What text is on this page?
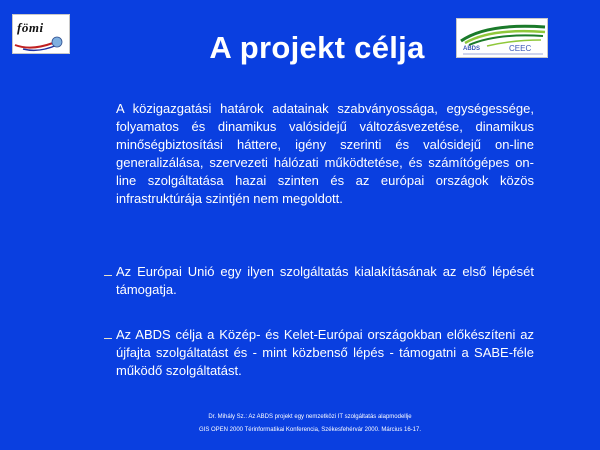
fömi
ABDS	CEEC
A projekt célja
A közigazgatási határok adatainak szabványossága, egységessége, folyamatos és dinamikus valósidejű változásvezetése, dinamikus minőségbiztosítási háttere, igény szerinti és valósidejű on-line generalizálása, szervezeti hálózati működtetése, és számítógépes on-line szolgáltatása hazai szinten és az európai országok közös infrastruktúrája szintjén nem megoldott.
Az Európai Unió egy ilyen szolgáltatás kialakításának az első lépését támogatja.
Az ABDS célja a Közép- és Kelet-Európai országokban előkészíteni az újfajta szolgáltatást és - mint közbenső lépés - támogatni a SABE-féle működő szolgáltatást.
Dr. Mihály Sz.: Az ABDS projekt egy nemzetközi IT szolgáltatás alapmodellje
GIS OPEN 2000 Térinformatikai Konferencia, Székesfehérvár 2000. Március 16-17.
